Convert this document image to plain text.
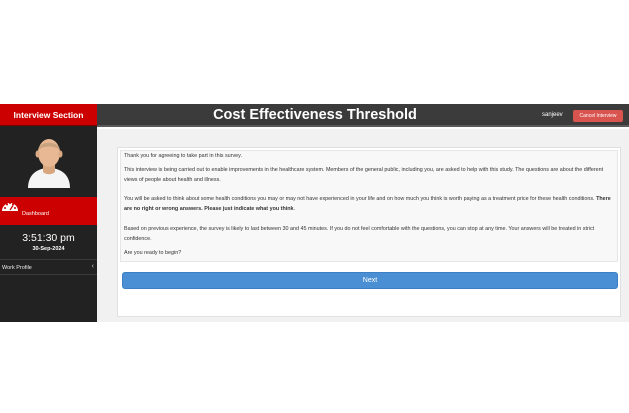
Interview Section
Dashboard
3:51:30 pm
30-Sep-2024
Work Profile	‹
Cost Effectiveness Threshold	sanjeev	Cancel Interview
Thank you for agreeing to take part in this survey.
This interview is being carried out to enable improvements in the healthcare system. Members of the general public, including you, are asked to help with this study. The questions are about the different views of people about health and illness.
You will be asked to think about some health conditions you may or may not have experienced in your life and on how much you think is worth paying as a treatment price for these health conditions. There are no right or wrong answers. Please just indicate what you think.
Based on previous experience, the survey is likely to last between 30 and 45 minutes. If you do not feel comfortable with the questions, you can stop at any time. Your answers will be treated in strict confidence.
Are you ready to begin?
Next
